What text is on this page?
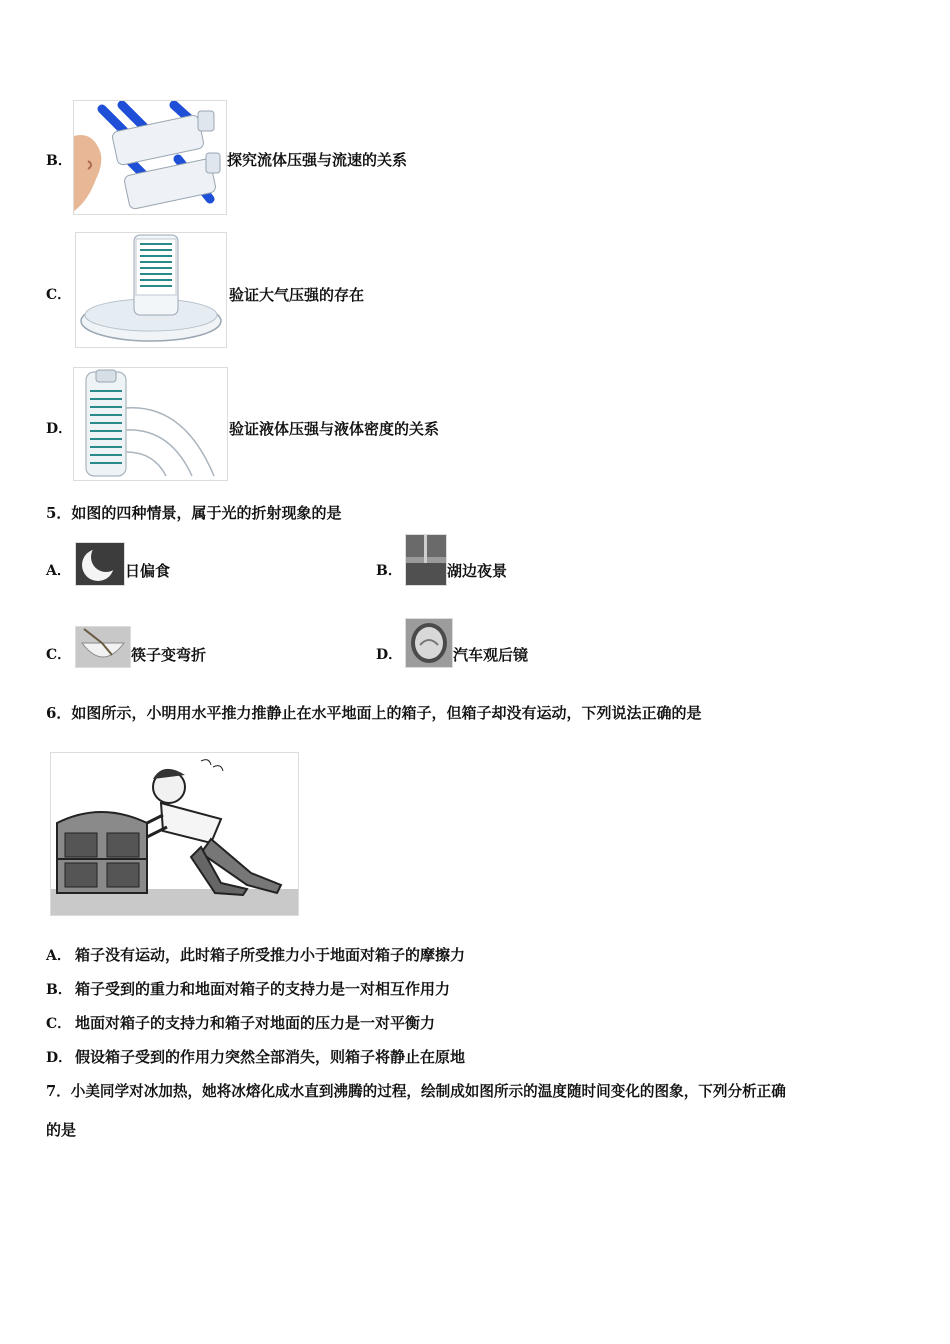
B．	探究流体压强与流速的关系
C．	验证大气压强的存在
D．	验证液体压强与液体密度的关系
5．如图的四种情景，属于光的折射现象的是
A．	日偏食	B．	湖边夜景
C．	筷子变弯折	D．	汽车观后镜
6．如图所示，小明用水平推力推静止在水平地面上的箱子，但箱子却没有运动，下列说法正确的是
A． 箱子没有运动，此时箱子所受推力小于地面对箱子的摩擦力
B． 箱子受到的重力和地面对箱子的支持力是一对相互作用力
C． 地面对箱子的支持力和箱子对地面的压力是一对平衡力
D． 假设箱子受到的作用力突然全部消失，则箱子将静止在原地
7．小美同学对冰加热，她将冰熔化成水直到沸腾的过程，绘制成如图所示的温度随时间变化的图象，下列分析正确
的是
